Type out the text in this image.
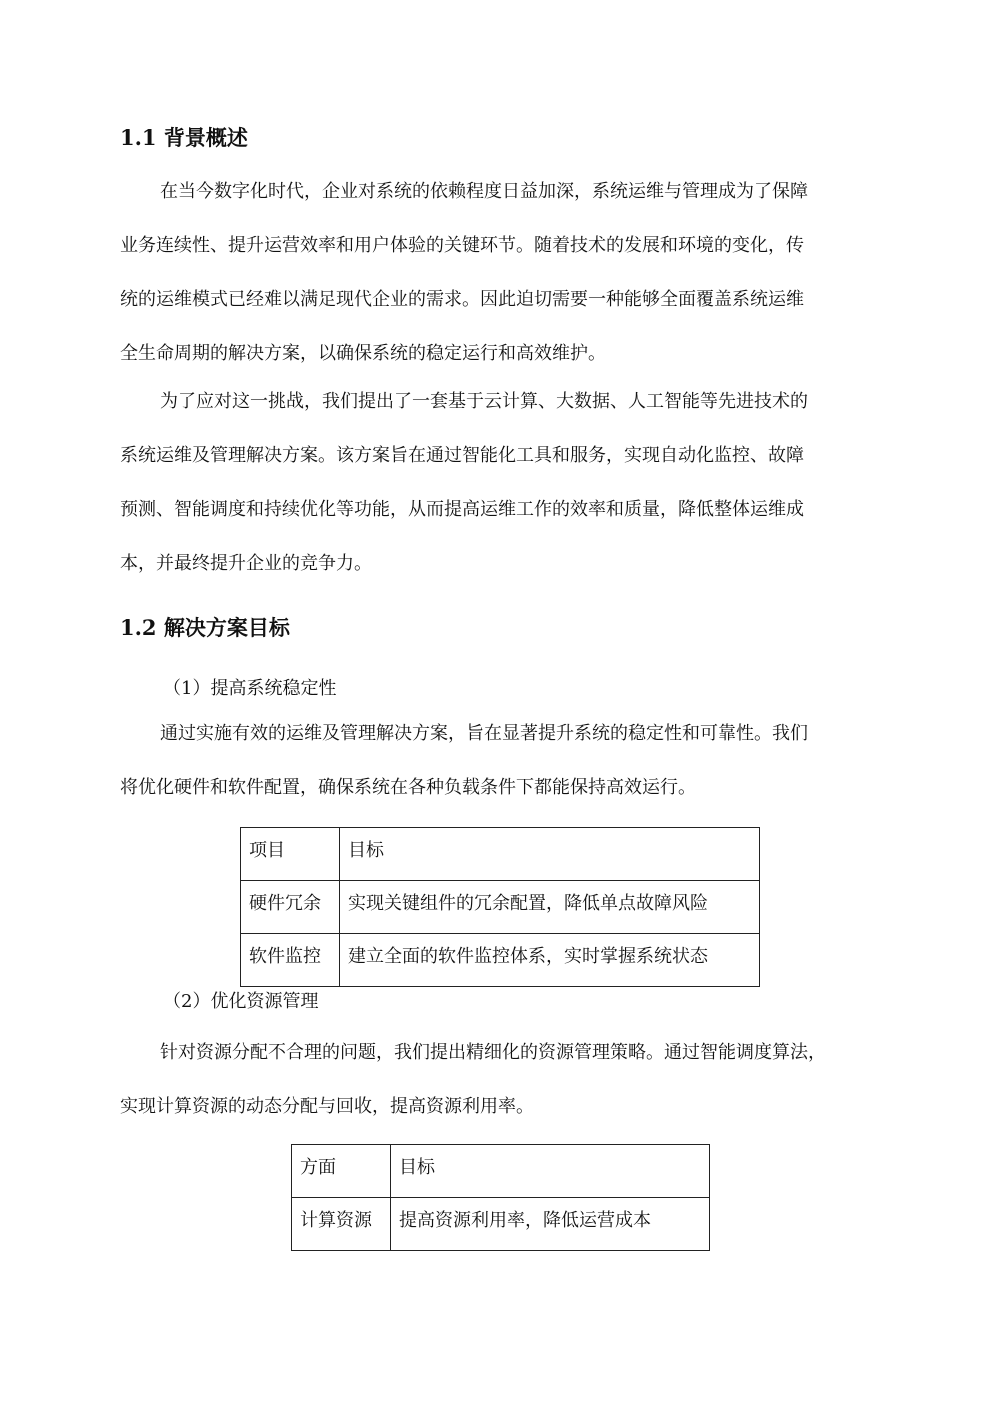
1.1 背景概述
在当今数字化时代，企业对系统的依赖程度日益加深，系统运维与管理成为了保障
业务连续性、提升运营效率和用户体验的关键环节。随着技术的发展和环境的变化，传
统的运维模式已经难以满足现代企业的需求。因此迫切需要一种能够全面覆盖系统运维
全生命周期的解决方案，以确保系统的稳定运行和高效维护。
为了应对这一挑战，我们提出了一套基于云计算、大数据、人工智能等先进技术的
系统运维及管理解决方案。该方案旨在通过智能化工具和服务，实现自动化监控、故障
预测、智能调度和持续优化等功能，从而提高运维工作的效率和质量，降低整体运维成
本，并最终提升企业的竞争力。
1.2 解决方案目标

（1）提高系统稳定性

通过实施有效的运维及管理解决方案，旨在显著提升系统的稳定性和可靠性。我们
将优化硬件和软件配置，确保系统在各种负载条件下都能保持高效运行。
项目	目标
硬件冗余	实现关键组件的冗余配置，降低单点故障风险
软件监控	建立全面的软件监控体系，实时掌握系统状态

（2）优化资源管理

针对资源分配不合理的问题，我们提出精细化的资源管理策略。通过智能调度算法，
实现计算资源的动态分配与回收，提高资源利用率。
方面	目标
计算资源	提高资源利用率，降低运营成本
